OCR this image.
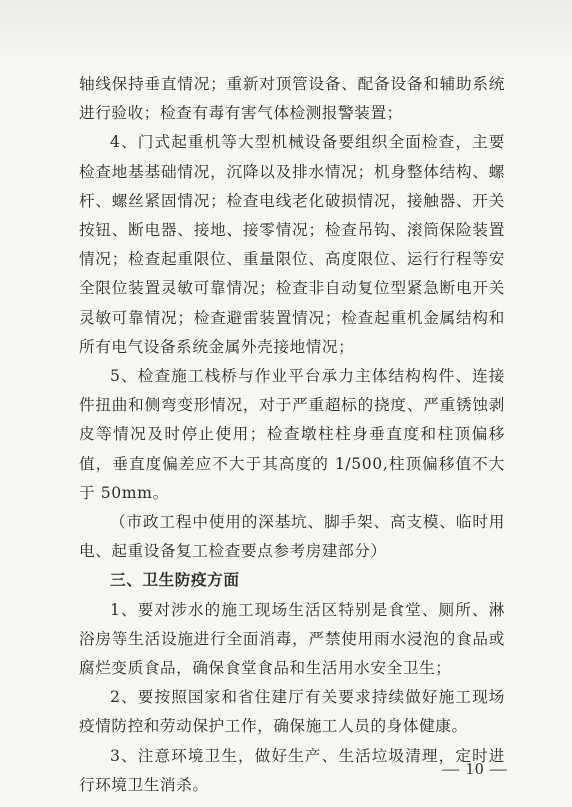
轴线保持垂直情况；重新对顶管设备、配备设备和辅助系统进行验收；检查有毒有害气体检测报警装置；

4、门式起重机等大型机械设备要组织全面检查，主要检查地基基础情况，沉降以及排水情况；机身整体结构、螺杆、螺丝紧固情况；检查电线老化破损情况，接触器、开关按钮、断电器、接地、接零情况；检查吊钩、滚筒保险装置情况；检查起重限位、重量限位、高度限位、运行行程等安全限位装置灵敏可靠情况；检查非自动复位型紧急断电开关灵敏可靠情况；检查避雷装置情况；检查起重机金属结构和所有电气设备系统金属外壳接地情况；

5、检查施工栈桥与作业平台承力主体结构构件、连接件扭曲和侧弯变形情况，对于严重超标的挠度、严重锈蚀剥皮等情况及时停止使用；检查墩柱柱身垂直度和柱顶偏移值，垂直度偏差应不大于其高度的 1/500,柱顶偏移值不大于 50mm。

（市政工程中使用的深基坑、脚手架、高支模、临时用电、起重设备复工检查要点参考房建部分）

三、卫生防疫方面

1、要对涉水的施工现场生活区特别是食堂、厕所、淋浴房等生活设施进行全面消毒，严禁使用雨水浸泡的食品或腐烂变质食品，确保食堂食品和生活用水安全卫生；

2、要按照国家和省住建厅有关要求持续做好施工现场疫情防控和劳动保护工作，确保施工人员的身体健康。

3、注意环境卫生，做好生产、生活垃圾清理，定时进行环境卫生消杀。

— 10 —
